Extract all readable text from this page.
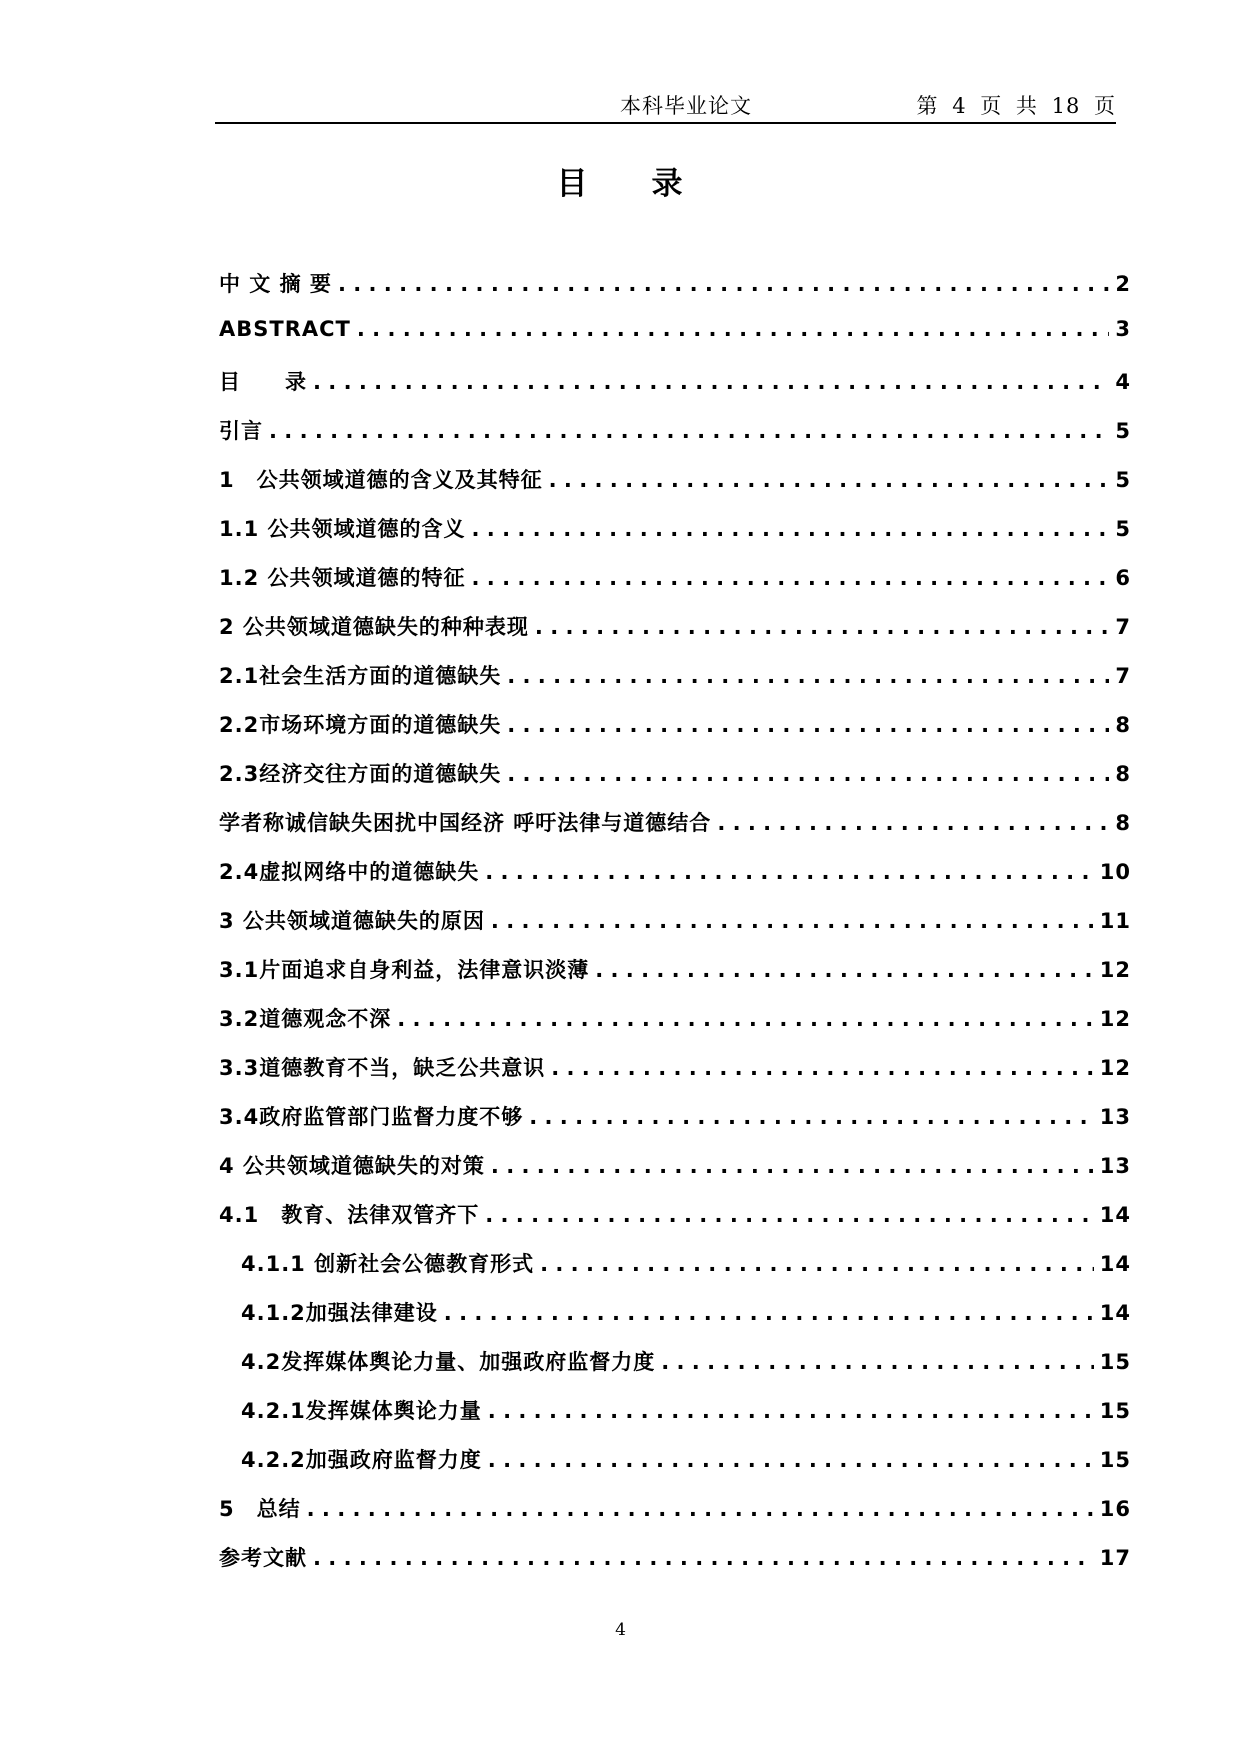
本科毕业论文	第 4 页 共 18 页
目 录
中 文 摘 要 . . .	2
ABSTRACT . . .	3
目　　录 . . .	4
引言 . . .	5
1　公共领域道德的含义及其特征 . . .	5
1.1 公共领域道德的含义 . . .	5
1.2 公共领域道德的特征 . . .	6
2 公共领域道德缺失的种种表现 . . .	7
2.1社会生活方面的道德缺失 . . .	7
2.2市场环境方面的道德缺失 . . .	8
2.3经济交往方面的道德缺失 . . .	8
学者称诚信缺失困扰中国经济 呼吁法律与道德结合 . . .	8
2.4虚拟网络中的道德缺失 . . .	10
3 公共领域道德缺失的原因 . . .	11
3.1片面追求自身利益，法律意识淡薄 . . .	12
3.2道德观念不深 . . .	12
3.3道德教育不当，缺乏公共意识 . . .	12
3.4政府监管部门监督力度不够 . . .	13
4 公共领域道德缺失的对策 . . .	13
4.1　教育、法律双管齐下 . . .	14
4.1.1 创新社会公德教育形式 . . .	14
4.1.2加强法律建设 . . .	14
4.2发挥媒体舆论力量、加强政府监督力度 . . .	15
4.2.1发挥媒体舆论力量 . . .	15
4.2.2加强政府监督力度 . . .	15
5　总结 . . .	16
参考文献 . . .	17
4
